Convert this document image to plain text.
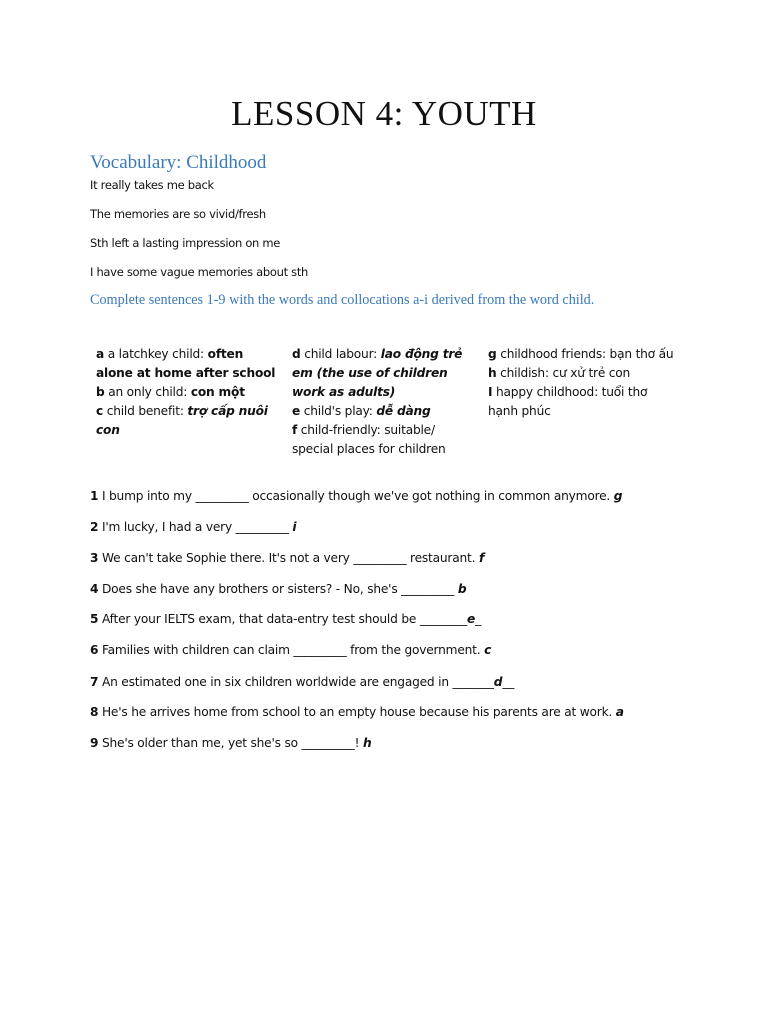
LESSON 4: YOUTH
Vocabulary: Childhood
It really takes me back
The memories are so vivid/fresh
Sth left a lasting impression on me
I have some vague memories about sth
Complete sentences 1-9 with the words and collocations a-i derived from the word child.
a a latchkey child: often alone at home after school
b an only child: con một
c child benefit: trợ cấp nuôi con
d child labour: lao động trẻ em (the use of children work as adults)
e child's play: dễ dàng
f child-friendly: suitable/ special places for children
g childhood friends: bạn thơ ấu
h childish: cư xử trẻ con
I happy childhood: tuổi thơ hạnh phúc
1 I bump into my _________ occasionally though we've got nothing in common anymore. g
2 I'm lucky, I had a very _________ i
3 We can't take Sophie there. It's not a very _________ restaurant. f
4 Does she have any brothers or sisters? - No, she's _________ b
5 After your IELTS exam, that data-entry test should be ________e_
6 Families with children can claim _________ from the government. c
7 An estimated one in six children worldwide are engaged in _______d__
8 He's he arrives home from school to an empty house because his parents are at work. a
9 She's older than me, yet she's so _________! h
